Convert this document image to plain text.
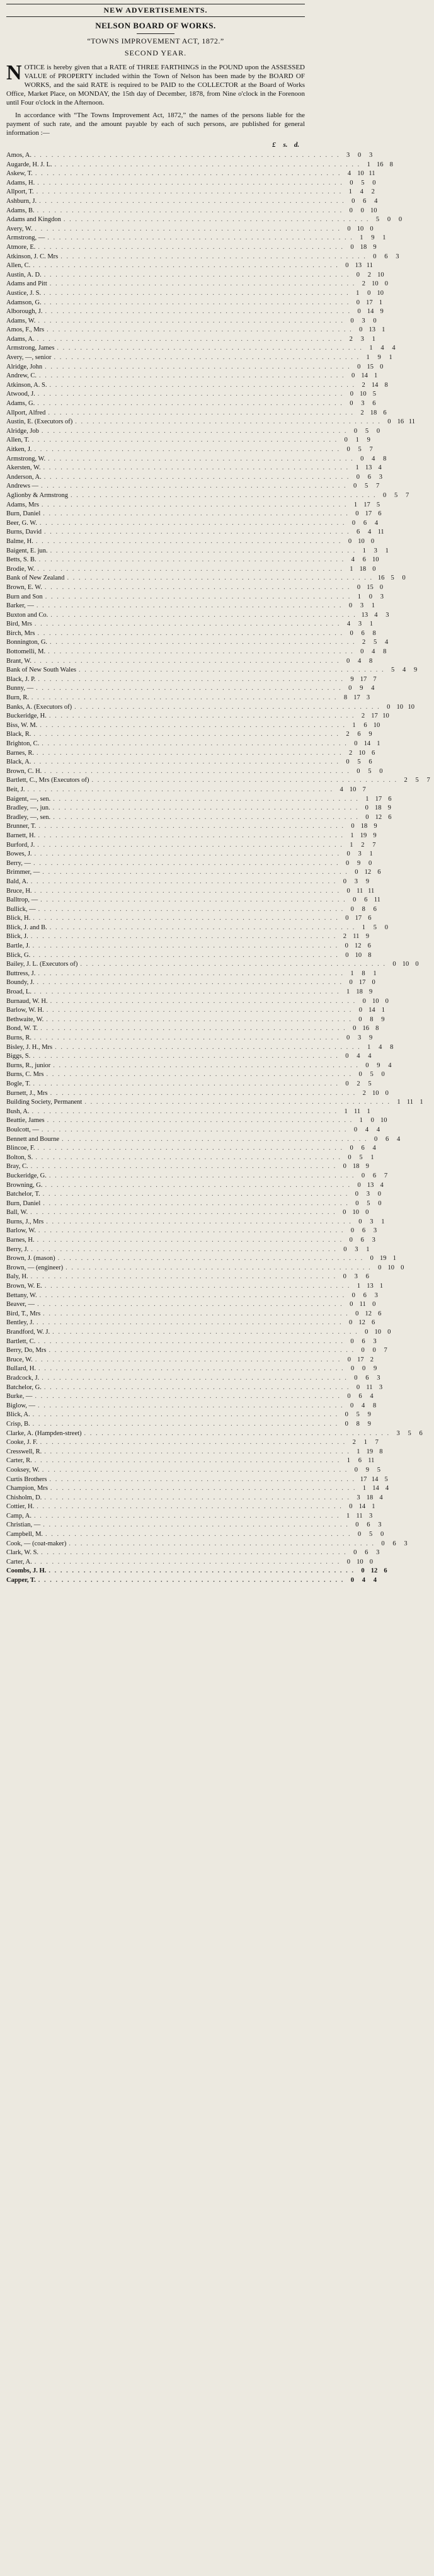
NEW ADVERTISEMENTS.
NELSON BOARD OF WORKS.
“TOWNS IMPROVEMENT ACT, 1872.”
SECOND YEAR.

NOTICE is hereby given that a RATE of THREE FARTHINGS in the POUND upon the ASSESSED VALUE of PROPERTY included within the Town of Nelson has been made by the BOARD OF WORKS, and the said RATE is required to be PAID to the COLLECTOR at the Board of Works Office, Market Place, on MONDAY, the 15th day of December, 1878, from Nine o'clock in the Forenoon until Four o'clock in the Afternoon.

In accordance with “The Towns Improvement Act, 1872,” the names of the persons liable for the payment of such rate, and the amount payable by each of such persons, are published for general information :—

£	s. d.
Amos, A. . . . . . . . . . . . . . . . . . . . . . . . . . . . . . . . . . . . . . . . . . . . . . . . . . . . . . 3	0	3
Augarde, H. J. L. . . . . . . . . . . . . . . . . . . . . . . . . . . . . . . . . . . . . . . . . . . . . . . . . . . . . . 1 16 8
Askew, T. . . . . . . . . . . . . . . . . . . . . . . . . . . . . . . . . . . . . . . . . . . . . . . . . . . . . . 4 10 11
Adams, H. . . . . . . . . . . . . . . . . . . . . . . . . . . . . . . . . . . . . . . . . . . . . . . . . . . . . . 0	5	0
Allport, T. . . . . . . . . . . . . . . . . . . . . . . . . . . . . . . . . . . . . . . . . . . . . . . . . . . . . . 1	4	2
Ashburn, J. . . . . . . . . . . . . . . . . . . . . . . . . . . . . . . . . . . . . . . . . . . . . . . . . . . . . . 0	6	4
Adams, B. . . . . . . . . . . . . . . . . . . . . . . . . . . . . . . . . . . . . . . . . . . . . . . . . . . . . . 0	0 10
Adams and Kingdon . . . . . . . . . . . . . . . . . . . . . . . . . . . . . . . . . . . . . . . . . . . . . . . . . . . . . 5	0	0
Avery, W. . . . . . . . . . . . . . . . . . . . . . . . . . . . . . . . . . . . . . . . . . . . . . . . . . . . . . 0 10 0
Armstrong, — . . . . . . . . . . . . . . . . . . . . . . . . . . . . . . . . . . . . . . . . . . . . . . . . . . . . . 1	9	1
Atmore, E. . . . . . . . . . . . . . . . . . . . . . . . . . . . . . . . . . . . . . . . . . . . . . . . . . . . . . 0 18 9
Atkinson, J. C. Mrs . . . . . . . . . . . . . . . . . . . . . . . . . . . . . . . . . . . . . . . . . . . . . . . . . . . . . 0	6	3
Allen, C. . . . . . . . . . . . . . . . . . . . . . . . . . . . . . . . . . . . . . . . . . . . . . . . . . . . . . 0 13 11
Austin, A. D. . . . . . . . . . . . . . . . . . . . . . . . . . . . . . . . . . . . . . . . . . . . . . . . . . . . . . 0	2 10
Adams and Pitt . . . . . . . . . . . . . . . . . . . . . . . . . . . . . . . . . . . . . . . . . . . . . . . . . . . . . 2 10 0
Austice, J. S. . . . . . . . . . . . . . . . . . . . . . . . . . . . . . . . . . . . . . . . . . . . . . . . . . . . . . 1	0 10
Adamson, G. . . . . . . . . . . . . . . . . . . . . . . . . . . . . . . . . . . . . . . . . . . . . . . . . . . . . . 0 17 1
Alborough, J. . . . . . . . . . . . . . . . . . . . . . . . . . . . . . . . . . . . . . . . . . . . . . . . . . . . . . 0 14 9
Adams, W. . . . . . . . . . . . . . . . . . . . . . . . . . . . . . . . . . . . . . . . . . . . . . . . . . . . . . 0	3	0
Amos, F., Mrs . . . . . . . . . . . . . . . . . . . . . . . . . . . . . . . . . . . . . . . . . . . . . . . . . . . . . 0 13 1
Adams, A. . . . . . . . . . . . . . . . . . . . . . . . . . . . . . . . . . . . . . . . . . . . . . . . . . . . . . 2	3	1
Armstrong, James . . . . . . . . . . . . . . . . . . . . . . . . . . . . . . . . . . . . . . . . . . . . . . . . . . . . . 1	4	4
Avery, —, senior . . . . . . . . . . . . . . . . . . . . . . . . . . . . . . . . . . . . . . . . . . . . . . . . . . . . . 1	9	1
Alridge, John . . . . . . . . . . . . . . . . . . . . . . . . . . . . . . . . . . . . . . . . . . . . . . . . . . . . . 0 15 0
Andrew, C. . . . . . . . . . . . . . . . . . . . . . . . . . . . . . . . . . . . . . . . . . . . . . . . . . . . . . 0 14 1
Atkinson, A. S. . . . . . . . . . . . . . . . . . . . . . . . . . . . . . . . . . . . . . . . . . . . . . . . . . . . . . 2 14 8
Atwood, J. . . . . . . . . . . . . . . . . . . . . . . . . . . . . . . . . . . . . . . . . . . . . . . . . . . . . . 0 10 5
Adams, G. . . . . . . . . . . . . . . . . . . . . . . . . . . . . . . . . . . . . . . . . . . . . . . . . . . . . . 0	3	6
Allport, Alfred . . . . . . . . . . . . . . . . . . . . . . . . . . . . . . . . . . . . . . . . . . . . . . . . . . . . . 2 18 6
Austin, E. (Executors of) . . . . . . . . . . . . . . . . . . . . . . . . . . . . . . . . . . . . . . . . . . . . . . . . . . . . . 0 16 11
Alridge, Job . . . . . . . . . . . . . . . . . . . . . . . . . . . . . . . . . . . . . . . . . . . . . . . . . . . . . 0	5	0
Allen, T. . . . . . . . . . . . . . . . . . . . . . . . . . . . . . . . . . . . . . . . . . . . . . . . . . . . . . 0	1	9
Aitken, J. . . . . . . . . . . . . . . . . . . . . . . . . . . . . . . . . . . . . . . . . . . . . . . . . . . . . . 0	5	7
Armstrong, W. . . . . . . . . . . . . . . . . . . . . . . . . . . . . . . . . . . . . . . . . . . . . . . . . . . . . . 0	4	8
Akersten, W. . . . . . . . . . . . . . . . . . . . . . . . . . . . . . . . . . . . . . . . . . . . . . . . . . . . . . 1 13 4
Anderson, A. . . . . . . . . . . . . . . . . . . . . . . . . . . . . . . . . . . . . . . . . . . . . . . . . . . . . . 0	6	3
Andrews — . . . . . . . . . . . . . . . . . . . . . . . . . . . . . . . . . . . . . . . . . . . . . . . . . . . . . 0	5	7
Aglionby & Armstrong . . . . . . . . . . . . . . . . . . . . . . . . . . . . . . . . . . . . . . . . . . . . . . . . . . . . . 0	5	7
Adams, Mrs . . . . . . . . . . . . . . . . . . . . . . . . . . . . . . . . . . . . . . . . . . . . . . . . . . . . . 1 17 5
Burn, Daniel . . . . . . . . . . . . . . . . . . . . . . . . . . . . . . . . . . . . . . . . . . . . . . . . . . . . . 0 17 6
Beer, G. W. . . . . . . . . . . . . . . . . . . . . . . . . . . . . . . . . . . . . . . . . . . . . . . . . . . . . . 0	6	4
Burns, David . . . . . . . . . . . . . . . . . . . . . . . . . . . . . . . . . . . . . . . . . . . . . . . . . . . . . 6	4 11
Balme, H. . . . . . . . . . . . . . . . . . . . . . . . . . . . . . . . . . . . . . . . . . . . . . . . . . . . . . 0 10 0
Baigent, E. jun. . . . . . . . . . . . . . . . . . . . . . . . . . . . . . . . . . . . . . . . . . . . . . . . . . . . . . 1	3	1
Betts, S. B. . . . . . . . . . . . . . . . . . . . . . . . . . . . . . . . . . . . . . . . . . . . . . . . . . . . . . 4	6 10
Brodie, W. . . . . . . . . . . . . . . . . . . . . . . . . . . . . . . . . . . . . . . . . . . . . . . . . . . . . . 1 18 0
Bank of New Zealand . . . . . . . . . . . . . . . . . . . . . . . . . . . . . . . . . . . . . . . . . . . . . . . . . . . . . 16 5	0
Brown, E. W. . . . . . . . . . . . . . . . . . . . . . . . . . . . . . . . . . . . . . . . . . . . . . . . . . . . . . 0 15 0
Burn and Son . . . . . . . . . . . . . . . . . . . . . . . . . . . . . . . . . . . . . . . . . . . . . . . . . . . . . 1	0	3
Barker, — . . . . . . . . . . . . . . . . . . . . . . . . . . . . . . . . . . . . . . . . . . . . . . . . . . . . . 0	3	1
Buxton and Co. . . . . . . . . . . . . . . . . . . . . . . . . . . . . . . . . . . . . . . . . . . . . . . . . . . . . . 13 4	3
Bird, Mrs . . . . . . . . . . . . . . . . . . . . . . . . . . . . . . . . . . . . . . . . . . . . . . . . . . . . . 4	3	1
Birch, Mrs . . . . . . . . . . . . . . . . . . . . . . . . . . . . . . . . . . . . . . . . . . . . . . . . . . . . . 0	6	8
Bonnington, G. . . . . . . . . . . . . . . . . . . . . . . . . . . . . . . . . . . . . . . . . . . . . . . . . . . . . . 2	5	4
Bottomelli, M. . . . . . . . . . . . . . . . . . . . . . . . . . . . . . . . . . . . . . . . . . . . . . . . . . . . . . 0	4	8
Brant, W. . . . . . . . . . . . . . . . . . . . . . . . . . . . . . . . . . . . . . . . . . . . . . . . . . . . . . 0	4	8
Bank of New South Wales . . . . . . . . . . . . . . . . . . . . . . . . . . . . . . . . . . . . . . . . . . . . . . . . . . . . . 5	4	9
Black, J. P. . . . . . . . . . . . . . . . . . . . . . . . . . . . . . . . . . . . . . . . . . . . . . . . . . . . . . 9 17 7
Bunny, — . . . . . . . . . . . . . . . . . . . . . . . . . . . . . . . . . . . . . . . . . . . . . . . . . . . . . 0	9	4
Burn, R. . . . . . . . . . . . . . . . . . . . . . . . . . . . . . . . . . . . . . . . . . . . . . . . . . . . . . 8 17 3
Banks, A. (Executors of) . . . . . . . . . . . . . . . . . . . . . . . . . . . . . . . . . . . . . . . . . . . . . . . . . . . . . 0 10 10
Buckeridge, H. . . . . . . . . . . . . . . . . . . . . . . . . . . . . . . . . . . . . . . . . . . . . . . . . . . . . . 2 17 10
Biss, W. M. . . . . . . . . . . . . . . . . . . . . . . . . . . . . . . . . . . . . . . . . . . . . . . . . . . . . . 1	6 10
Black, R. . . . . . . . . . . . . . . . . . . . . . . . . . . . . . . . . . . . . . . . . . . . . . . . . . . . . . 2	6	9
Brighton, C. . . . . . . . . . . . . . . . . . . . . . . . . . . . . . . . . . . . . . . . . . . . . . . . . . . . . . 0 14 1
Barnes, R. . . . . . . . . . . . . . . . . . . . . . . . . . . . . . . . . . . . . . . . . . . . . . . . . . . . . . 2 10 6
Black, A. . . . . . . . . . . . . . . . . . . . . . . . . . . . . . . . . . . . . . . . . . . . . . . . . . . . . . 0	5	6
Brown, C. H. . . . . . . . . . . . . . . . . . . . . . . . . . . . . . . . . . . . . . . . . . . . . . . . . . . . . . 0	5	0
Bartlett, C., Mrs (Executors of) . . . . . . . . . . . . . . . . . . . . . . . . . . . . . . . . . . . . . . . . . . . . . . . . . . . . . 2	5	7
Beit, J. . . . . . . . . . . . . . . . . . . . . . . . . . . . . . . . . . . . . . . . . . . . . . . . . . . . . . 4 10 7
Baigent, —, sen. . . . . . . . . . . . . . . . . . . . . . . . . . . . . . . . . . . . . . . . . . . . . . . . . . . . . . 1 17 6
Bradley, —, jun. . . . . . . . . . . . . . . . . . . . . . . . . . . . . . . . . . . . . . . . . . . . . . . . . . . . . . 0 18 9
Bradley, —, sen. . . . . . . . . . . . . . . . . . . . . . . . . . . . . . . . . . . . . . . . . . . . . . . . . . . . . . 0 12 6
Brunner, T. . . . . . . . . . . . . . . . . . . . . . . . . . . . . . . . . . . . . . . . . . . . . . . . . . . . . . 0 18 9
Barnett, H. . . . . . . . . . . . . . . . . . . . . . . . . . . . . . . . . . . . . . . . . . . . . . . . . . . . . . 1 19 9
Burford, J. . . . . . . . . . . . . . . . . . . . . . . . . . . . . . . . . . . . . . . . . . . . . . . . . . . . . . 1	2	7
Bowes, J. . . . . . . . . . . . . . . . . . . . . . . . . . . . . . . . . . . . . . . . . . . . . . . . . . . . . . 0	3	1
Berry, — . . . . . . . . . . . . . . . . . . . . . . . . . . . . . . . . . . . . . . . . . . . . . . . . . . . . . 0	9	0
Brimmer, — . . . . . . . . . . . . . . . . . . . . . . . . . . . . . . . . . . . . . . . . . . . . . . . . . . . . . 0 12 6
Bald, A. . . . . . . . . . . . . . . . . . . . . . . . . . . . . . . . . . . . . . . . . . . . . . . . . . . . . . 0	3	9
Bruce, H. . . . . . . . . . . . . . . . . . . . . . . . . . . . . . . . . . . . . . . . . . . . . . . . . . . . . . 0 11 11
Balltrop, — . . . . . . . . . . . . . . . . . . . . . . . . . . . . . . . . . . . . . . . . . . . . . . . . . . . . . 0	6 11
Bullick, — . . . . . . . . . . . . . . . . . . . . . . . . . . . . . . . . . . . . . . . . . . . . . . . . . . . . . 0	8	6
Blick, H. . . . . . . . . . . . . . . . . . . . . . . . . . . . . . . . . . . . . . . . . . . . . . . . . . . . . . 0 17 6
Blick, J. and B. . . . . . . . . . . . . . . . . . . . . . . . . . . . . . . . . . . . . . . . . . . . . . . . . . . . . . 1	5	0
Blick, J. . . . . . . . . . . . . . . . . . . . . . . . . . . . . . . . . . . . . . . . . . . . . . . . . . . . . . 2 11 9
Bartle, J. . . . . . . . . . . . . . . . . . . . . . . . . . . . . . . . . . . . . . . . . . . . . . . . . . . . . . 0 12 6
Blick, G. . . . . . . . . . . . . . . . . . . . . . . . . . . . . . . . . . . . . . . . . . . . . . . . . . . . . . 0 10 8
Bailey, J. L. (Executors of) . . . . . . . . . . . . . . . . . . . . . . . . . . . . . . . . . . . . . . . . . . . . . . . . . . . . . 0 10 0
Buttress, J. . . . . . . . . . . . . . . . . . . . . . . . . . . . . . . . . . . . . . . . . . . . . . . . . . . . . . 1	8	1
Boundy, J. . . . . . . . . . . . . . . . . . . . . . . . . . . . . . . . . . . . . . . . . . . . . . . . . . . . . . 0 17 0
Broad, L. . . . . . . . . . . . . . . . . . . . . . . . . . . . . . . . . . . . . . . . . . . . . . . . . . . . . . 1 18 9
Burnaud, W. H. . . . . . . . . . . . . . . . . . . . . . . . . . . . . . . . . . . . . . . . . . . . . . . . . . . . . . 0 10 0
Barlow, W. H. . . . . . . . . . . . . . . . . . . . . . . . . . . . . . . . . . . . . . . . . . . . . . . . . . . . . . 0 14 1
Bethwaite, W. . . . . . . . . . . . . . . . . . . . . . . . . . . . . . . . . . . . . . . . . . . . . . . . . . . . . . 0	8	9
Bond, W. T. . . . . . . . . . . . . . . . . . . . . . . . . . . . . . . . . . . . . . . . . . . . . . . . . . . . . . 0 16 8
Burns, R. . . . . . . . . . . . . . . . . . . . . . . . . . . . . . . . . . . . . . . . . . . . . . . . . . . . . . 0	3	9
Bisley, J. H., Mrs . . . . . . . . . . . . . . . . . . . . . . . . . . . . . . . . . . . . . . . . . . . . . . . . . . . . . 1	4	8
Biggs, S. . . . . . . . . . . . . . . . . . . . . . . . . . . . . . . . . . . . . . . . . . . . . . . . . . . . . . 0	4	4
Burns, R., junior . . . . . . . . . . . . . . . . . . . . . . . . . . . . . . . . . . . . . . . . . . . . . . . . . . . . . 0	9	4
Burns, C. Mrs . . . . . . . . . . . . . . . . . . . . . . . . . . . . . . . . . . . . . . . . . . . . . . . . . . . . . 0	5	0
Bogle, T. . . . . . . . . . . . . . . . . . . . . . . . . . . . . . . . . . . . . . . . . . . . . . . . . . . . . . 0	2	5
Burnett, J., Mrs . . . . . . . . . . . . . . . . . . . . . . . . . . . . . . . . . . . . . . . . . . . . . . . . . . . . . 2 10 0
Building Society, Permanent . . . . . . . . . . . . . . . . . . . . . . . . . . . . . . . . . . . . . . . . . . . . . . . . . . . . . 1 11 1
Bush, A. . . . . . . . . . . . . . . . . . . . . . . . . . . . . . . . . . . . . . . . . . . . . . . . . . . . . . 1 11 1
Beattie, James . . . . . . . . . . . . . . . . . . . . . . . . . . . . . . . . . . . . . . . . . . . . . . . . . . . . . 1	0 10
Boulcott, — . . . . . . . . . . . . . . . . . . . . . . . . . . . . . . . . . . . . . . . . . . . . . . . . . . . . . 0	4	4
Bennett and Bourne . . . . . . . . . . . . . . . . . . . . . . . . . . . . . . . . . . . . . . . . . . . . . . . . . . . . . 0	6	4
Blincoe, F. . . . . . . . . . . . . . . . . . . . . . . . . . . . . . . . . . . . . . . . . . . . . . . . . . . . . . 0	6	4
Bolton, S. . . . . . . . . . . . . . . . . . . . . . . . . . . . . . . . . . . . . . . . . . . . . . . . . . . . . . 0	5	1
Bray, C. . . . . . . . . . . . . . . . . . . . . . . . . . . . . . . . . . . . . . . . . . . . . . . . . . . . . . 0 18 9
Buckeridge, G. . . . . . . . . . . . . . . . . . . . . . . . . . . . . . . . . . . . . . . . . . . . . . . . . . . . . . 0	6	7
Browning, G. . . . . . . . . . . . . . . . . . . . . . . . . . . . . . . . . . . . . . . . . . . . . . . . . . . . . . 0 13 4
Batchelor, T. . . . . . . . . . . . . . . . . . . . . . . . . . . . . . . . . . . . . . . . . . . . . . . . . . . . . . 0	3	0
Burn, Daniel . . . . . . . . . . . . . . . . . . . . . . . . . . . . . . . . . . . . . . . . . . . . . . . . . . . . . 0	5	0
Ball, W. . . . . . . . . . . . . . . . . . . . . . . . . . . . . . . . . . . . . . . . . . . . . . . . . . . . . . 0 10 0
Burns, J., Mrs . . . . . . . . . . . . . . . . . . . . . . . . . . . . . . . . . . . . . . . . . . . . . . . . . . . . . 0	3	1
Barlow, W. . . . . . . . . . . . . . . . . . . . . . . . . . . . . . . . . . . . . . . . . . . . . . . . . . . . . . 0	6	3
Barnes, H. . . . . . . . . . . . . . . . . . . . . . . . . . . . . . . . . . . . . . . . . . . . . . . . . . . . . . 0	6	3
Berry, J. . . . . . . . . . . . . . . . . . . . . . . . . . . . . . . . . . . . . . . . . . . . . . . . . . . . . . 0	3	1
Brown, J. (mason) . . . . . . . . . . . . . . . . . . . . . . . . . . . . . . . . . . . . . . . . . . . . . . . . . . . . . 0 19 1
Brown, — (engineer) . . . . . . . . . . . . . . . . . . . . . . . . . . . . . . . . . . . . . . . . . . . . . . . . . . . . . 0 10 0
Baly, H. . . . . . . . . . . . . . . . . . . . . . . . . . . . . . . . . . . . . . . . . . . . . . . . . . . . . . 0	3	6
Brown, W. E. . . . . . . . . . . . . . . . . . . . . . . . . . . . . . . . . . . . . . . . . . . . . . . . . . . . . . 1 13 1
Bettany, W. . . . . . . . . . . . . . . . . . . . . . . . . . . . . . . . . . . . . . . . . . . . . . . . . . . . . . 0	6	3
Beaver, — . . . . . . . . . . . . . . . . . . . . . . . . . . . . . . . . . . . . . . . . . . . . . . . . . . . . . 0 11 0
Bird, T., Mrs . . . . . . . . . . . . . . . . . . . . . . . . . . . . . . . . . . . . . . . . . . . . . . . . . . . . . 0 12 6
Bentley, J. . . . . . . . . . . . . . . . . . . . . . . . . . . . . . . . . . . . . . . . . . . . . . . . . . . . . . 0 12 6
Brandford, W. J. . . . . . . . . . . . . . . . . . . . . . . . . . . . . . . . . . . . . . . . . . . . . . . . . . . . . . 0 10 0
Bartlett, C. . . . . . . . . . . . . . . . . . . . . . . . . . . . . . . . . . . . . . . . . . . . . . . . . . . . . . 0	6	3
Berry, Do, Mrs . . . . . . . . . . . . . . . . . . . . . . . . . . . . . . . . . . . . . . . . . . . . . . . . . . . . . 0	0	7
Bruce, W. . . . . . . . . . . . . . . . . . . . . . . . . . . . . . . . . . . . . . . . . . . . . . . . . . . . . . 0 17 2
Bullard, H. . . . . . . . . . . . . . . . . . . . . . . . . . . . . . . . . . . . . . . . . . . . . . . . . . . . . . 0	0	9
Bradcock, J. . . . . . . . . . . . . . . . . . . . . . . . . . . . . . . . . . . . . . . . . . . . . . . . . . . . . . 0	6	3
Batchelor, G. . . . . . . . . . . . . . . . . . . . . . . . . . . . . . . . . . . . . . . . . . . . . . . . . . . . . . 0 11 3
Burke, — . . . . . . . . . . . . . . . . . . . . . . . . . . . . . . . . . . . . . . . . . . . . . . . . . . . . . 0	6	4
Biglow, — . . . . . . . . . . . . . . . . . . . . . . . . . . . . . . . . . . . . . . . . . . . . . . . . . . . . . 0	4	8
Blick, A. . . . . . . . . . . . . . . . . . . . . . . . . . . . . . . . . . . . . . . . . . . . . . . . . . . . . . 0	5	9
Crisp, B. . . . . . . . . . . . . . . . . . . . . . . . . . . . . . . . . . . . . . . . . . . . . . . . . . . . . . 0	8	9
Clarke, A. (Hampden-street) . . . . . . . . . . . . . . . . . . . . . . . . . . . . . . . . . . . . . . . . . . . . . . . . . . . . . 3	5	6
Cooke, J. F. . . . . . . . . . . . . . . . . . . . . . . . . . . . . . . . . . . . . . . . . . . . . . . . . . . . . . 2	1	7
Cresswell, R. . . . . . . . . . . . . . . . . . . . . . . . . . . . . . . . . . . . . . . . . . . . . . . . . . . . . . 1 19 8
Carter, R. . . . . . . . . . . . . . . . . . . . . . . . . . . . . . . . . . . . . . . . . . . . . . . . . . . . . . 1	6 11
Cooksey, W. . . . . . . . . . . . . . . . . . . . . . . . . . . . . . . . . . . . . . . . . . . . . . . . . . . . . . 0	9	5
Curtis Brothers . . . . . . . . . . . . . . . . . . . . . . . . . . . . . . . . . . . . . . . . . . . . . . . . . . . . . 17 14 5
Champion, Mrs . . . . . . . . . . . . . . . . . . . . . . . . . . . . . . . . . . . . . . . . . . . . . . . . . . . . . 1 14 4
Chisholm, D. . . . . . . . . . . . . . . . . . . . . . . . . . . . . . . . . . . . . . . . . . . . . . . . . . . . . . 3 18 4
Cottier, H. . . . . . . . . . . . . . . . . . . . . . . . . . . . . . . . . . . . . . . . . . . . . . . . . . . . . . 0 14 1
Camp, A. . . . . . . . . . . . . . . . . . . . . . . . . . . . . . . . . . . . . . . . . . . . . . . . . . . . . . 1 11 3
Christian, — . . . . . . . . . . . . . . . . . . . . . . . . . . . . . . . . . . . . . . . . . . . . . . . . . . . . . 0	6	3
Campbell, M. . . . . . . . . . . . . . . . . . . . . . . . . . . . . . . . . . . . . . . . . . . . . . . . . . . . . . 0	5	0
Cook, — (coat-maker) . . . . . . . . . . . . . . . . . . . . . . . . . . . . . . . . . . . . . . . . . . . . . . . . . . . . . 0	6	3
Clark, W. S. . . . . . . . . . . . . . . . . . . . . . . . . . . . . . . . . . . . . . . . . . . . . . . . . . . . . . 0	6	3
Carter, A. . . . . . . . . . . . . . . . . . . . . . . . . . . . . . . . . . . . . . . . . . . . . . . . . . . . . . 0 10 0
Coombs, J. H. . . . . . . . . . . . . . . . . . . . . . . . . . . . . . . . . . . . . . . . . . . . . . . . . . . . . . 0 12 6
Capper, T. . . . . . . . . . . . . . . . . . . . . . . . . . . . . . . . . . . . . . . . . . . . . . . . . . . . . . 0	4	4
